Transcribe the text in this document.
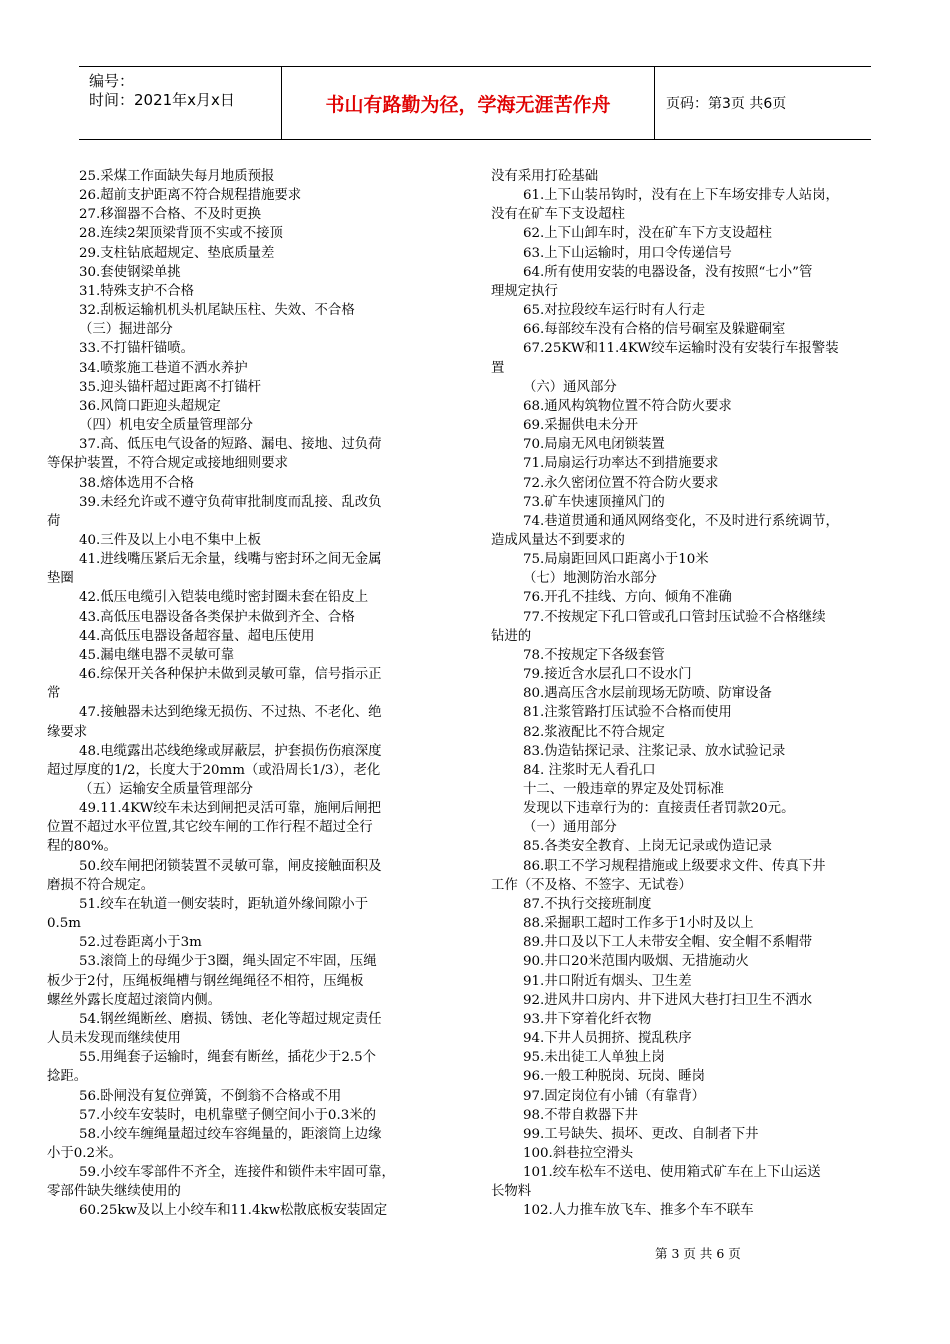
编号：
时间：2021年x月x日	书山有路勤为径，学海无涯苦作舟	页码：第3页 共6页
25.采煤工作面缺失每月地质预报
26.超前支护距离不符合规程措施要求
27.移溜器不合格、不及时更换
28.连续2架顶梁背顶不实或不接顶
29.支柱钻底超规定、垫底质量差
30.套使钢梁单挑
31.特殊支护不合格
32.刮板运输机机头机尾缺压柱、失效、不合格
（三）掘进部分
33.不打锚杆锚喷。
34.喷浆施工巷道不洒水养护
35.迎头锚杆超过距离不打锚杆
36.风筒口距迎头超规定
（四）机电安全质量管理部分
37.高、低压电气设备的短路、漏电、接地、过负荷
等保护装置，不符合规定或接地细则要求
38.熔体选用不合格
39.未经允许或不遵守负荷审批制度而乱接、乱改负
荷
40.三件及以上小电不集中上板
41.进线嘴压紧后无余量，线嘴与密封环之间无金属
垫圈
42.低压电缆引入铠装电缆时密封圈未套在铅皮上
43.高低压电器设备各类保护未做到齐全、合格
44.高低压电器设备超容量、超电压使用
45.漏电继电器不灵敏可靠
46.综保开关各种保护未做到灵敏可靠，信号指示正
常
47.接触器未达到绝缘无损伤、不过热、不老化、绝
缘要求
48.电缆露出芯线绝缘或屏蔽层，护套损伤伤痕深度
超过厚度的1/2，长度大于20mm（或沿周长1/3），老化
（五）运输安全质量管理部分
49.11.4KW绞车未达到闸把灵活可靠，施闸后闸把
位置不超过水平位置,其它绞车闸的工作行程不超过全行
程的80%。
50.绞车闸把闭锁装置不灵敏可靠，闸皮接触面积及
磨损不符合规定。
51.绞车在轨道一侧安装时，距轨道外缘间隙小于
0.5m
52.过卷距离小于3m
53.滚筒上的母绳少于3圈，绳头固定不牢固，压绳
板少于2付，压绳板绳槽与钢丝绳绳径不相符，压绳板
螺丝外露长度超过滚筒内侧。
54.钢丝绳断丝、磨损、锈蚀、老化等超过规定责任
人员未发现而继续使用
55.用绳套子运输时，绳套有断丝，插花少于2.5个
捻距。
56.卧闸没有复位弹簧，不倒翁不合格或不用
57.小绞车安装时，电机靠壁子侧空间小于0.3米的
58.小绞车缠绳量超过绞车容绳量的，距滚筒上边缘
小于0.2米。
59.小绞车零部件不齐全，连接件和锁件未牢固可靠，
零部件缺失继续使用的
60.25kw及以上小绞车和11.4kw松散底板安装固定
没有采用打砼基础
61.上下山装吊钩时，没有在上下车场安排专人站岗，
没有在矿车下支设超柱
62.上下山卸车时，没在矿车下方支设超柱
63.上下山运输时，用口令传递信号
64.所有使用安装的电器设备，没有按照“七小”管
理规定执行
65.对拉段绞车运行时有人行走
66.每部绞车没有合格的信号硐室及躲避硐室
67.25KW和11.4KW绞车运输时没有安装行车报警装
置
（六）通风部分
68.通风构筑物位置不符合防火要求
69.采掘供电未分开
70.局扇无风电闭锁装置
71.局扇运行功率达不到措施要求
72.永久密闭位置不符合防火要求
73.矿车快速顶撞风门的
74.巷道贯通和通风网络变化，不及时进行系统调节，
造成风量达不到要求的
75.局扇距回风口距离小于10米
（七）地测防治水部分
76.开孔不挂线、方向、倾角不准确
77.不按规定下孔口管或孔口管封压试验不合格继续
钻进的
78.不按规定下各级套管
79.接近含水层孔口不设水门
80.遇高压含水层前现场无防喷、防窜设备
81.注浆管路打压试验不合格而使用
82.浆液配比不符合规定
83.伪造钻探记录、注浆记录、放水试验记录
84. 注浆时无人看孔口
十二、一般违章的界定及处罚标准
发现以下违章行为的：直接责任者罚款20元。
（一）通用部分
85.各类安全教育、上岗无记录或伪造记录
86.职工不学习规程措施或上级要求文件、传真下井
工作（不及格、不签字、无试卷）
87.不执行交接班制度
88.采掘职工超时工作多于1小时及以上
89.井口及以下工人未带安全帽、安全帽不系帽带
90.井口20米范围内吸烟、无措施动火
91.井口附近有烟头、卫生差
92.进风井口房内、井下进风大巷打扫卫生不洒水
93.井下穿着化纤衣物
94.下井人员拥挤、搅乱秩序
95.未出徒工人单独上岗
96.一般工种脱岗、玩岗、睡岗
97.固定岗位有小铺（有靠背）
98.不带自救器下井
99.工号缺失、损坏、更改、自制者下井
100.斜巷拉空滑头
101.绞车松车不送电、使用箱式矿车在上下山运送
长物料
102.人力推车放飞车、推多个车不联车
第 3 页 共 6 页
